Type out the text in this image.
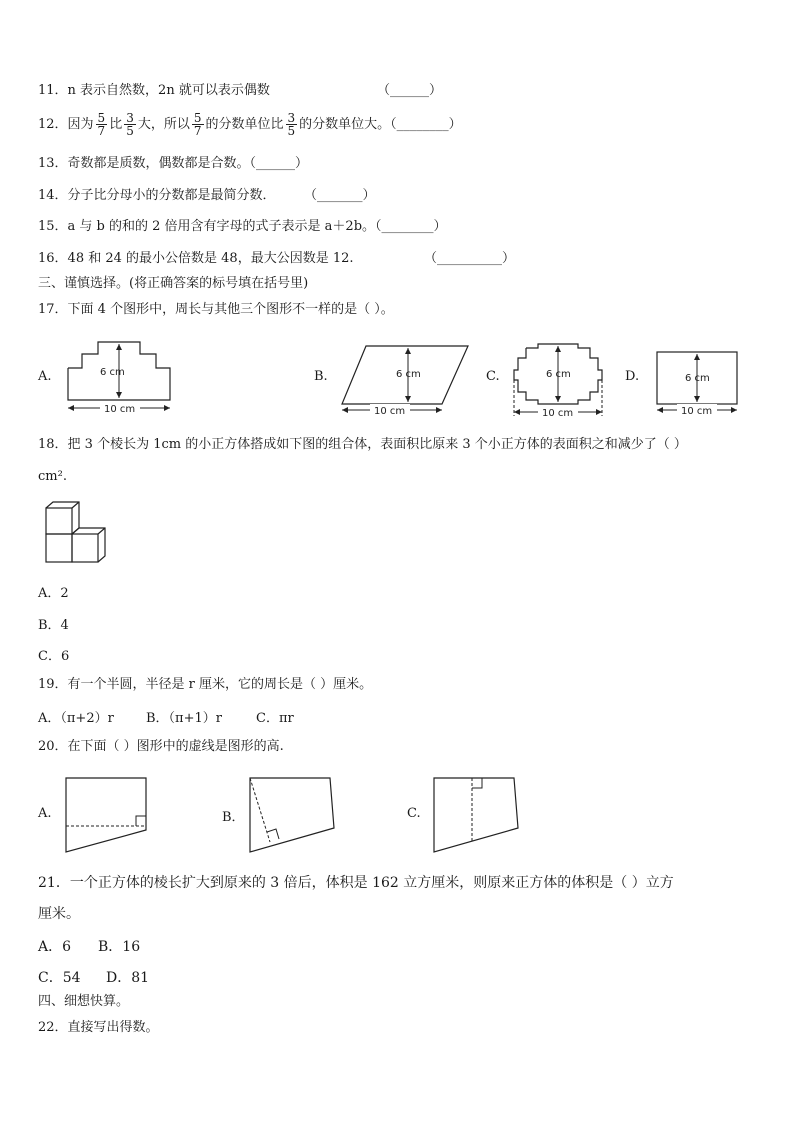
11．n 表示自然数，2n 就可以表示偶数	（______）
12．因为 $\frac{5}{7}$ 比 $\frac{3}{5}$ 大，所以 $\frac{5}{7}$ 的分数单位比 $\frac{3}{5}$ 的分数单位大。（________）
13．奇数都是质数，偶数都是合数。（______）
14．分子比分母小的分数都是最简分数． （_______）
15．a 与 b 的和的 2 倍用含有字母的式子表示是 a＋2b。（________）
16．48 和 24 的最小公倍数是 48，最大公因数是 12.	（__________）
三、谨慎选择。(将正确答案的标号填在括号里)
17．下面 4 个图形中，周长与其他三个图形不一样的是（ ）。
A.	6 cm
10 cm
B.	6 cm
10 cm
C.	6 cm
10 cm
D.	6 cm
10 cm
18．把 3 个棱长为 1cm 的小正方体搭成如下图的组合体，表面积比原来 3 个小正方体的表面积之和减少了（ ）
cm².
A．2
B．4
C．6
19．有一个半圆，半径是 r 厘米，它的周长是（ ）厘米。
A．（π+2）r B．（π+1）r	C．πr
20．在下面（ ）图形中的虚线是图形的高.
A.	B．	C.
21．一个正方体的棱长扩大到原来的 3 倍后，体积是 162 立方厘米，则原来正方体的体积是（ ）立方
厘米。
A．6 B．16
C．54 D．81
四、细想快算。
22．直接写出得数。
